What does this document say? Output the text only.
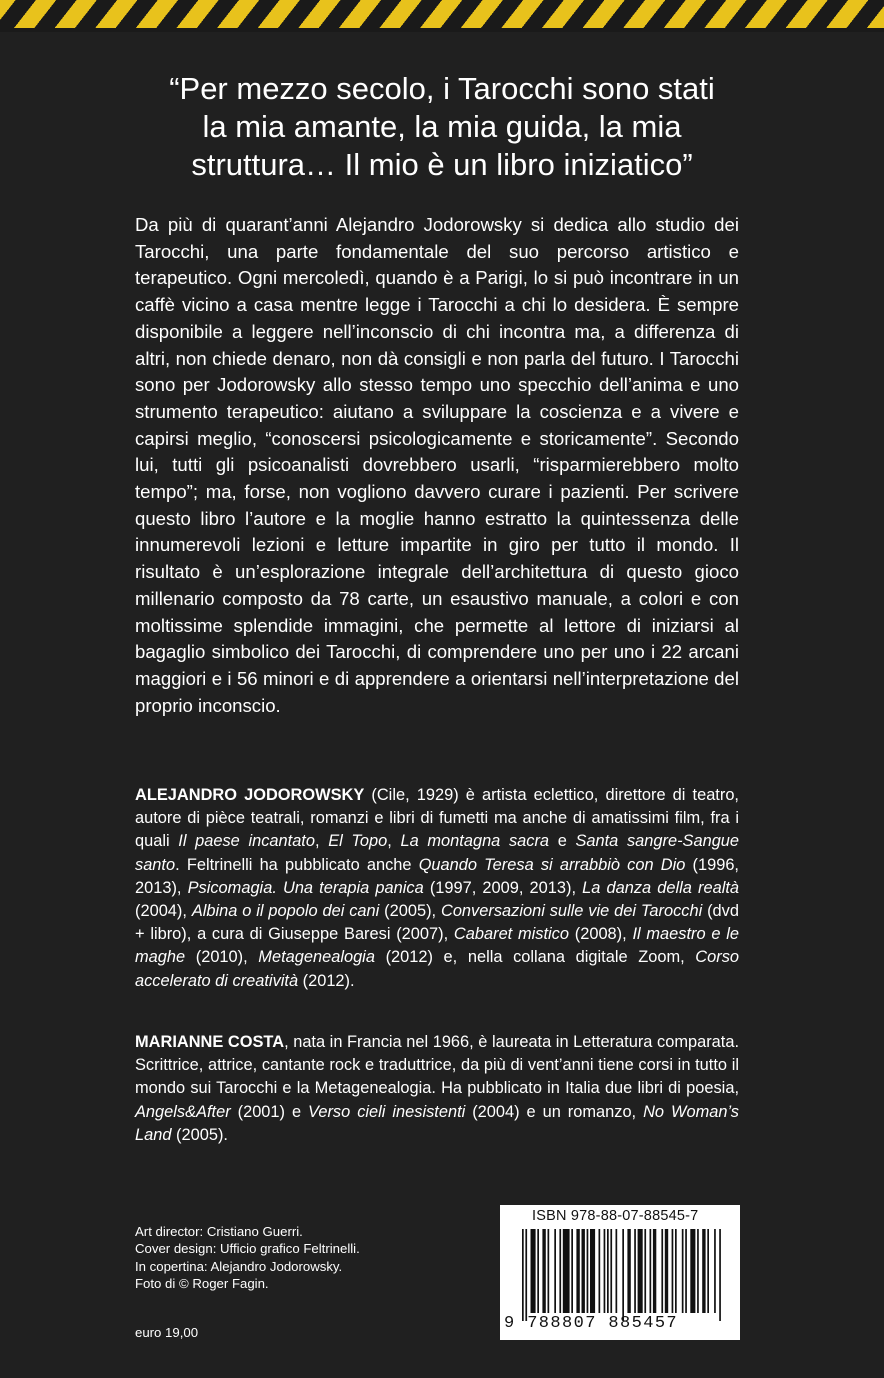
“Per mezzo secolo, i Tarocchi sono stati
la mia amante, la mia guida, la mia
struttura… Il mio è un libro iniziatico”
Da più di quarant’anni Alejandro Jodorowsky si dedica allo studio dei Tarocchi, una parte fondamentale del suo percorso artistico e terapeutico. Ogni mercoledì, quando è a Parigi, lo si può incontrare in un caffè vicino a casa mentre legge i Tarocchi a chi lo desidera. È sempre disponibile a leggere nell’inconscio di chi incontra ma, a differenza di altri, non chiede denaro, non dà consigli e non parla del futuro. I Tarocchi sono per Jodorowsky allo stesso tempo uno specchio dell’anima e uno strumento terapeutico: aiutano a sviluppare la coscienza e a vivere e capirsi meglio, “conoscersi psicologicamente e storicamente”. Secondo lui, tutti gli psicoanalisti dovrebbero usarli, “risparmierebbero molto tempo”; ma, forse, non vogliono davvero curare i pazienti. Per scrivere questo libro l’autore e la moglie hanno estratto la quintessenza delle innumerevoli lezioni e letture impartite in giro per tutto il mondo. Il risultato è un’esplorazione integrale dell’architettura di questo gioco millenario composto da 78 carte, un esaustivo manuale, a colori e con moltissime splendide immagini, che permette al lettore di iniziarsi al bagaglio simbolico dei Tarocchi, di comprendere uno per uno i 22 arcani maggiori e i 56 minori e di apprendere a orientarsi nell’interpretazione del proprio inconscio.
ALEJANDRO JODOROWSKY (Cile, 1929) è artista eclettico, direttore di teatro, autore di pièce teatrali, romanzi e libri di fumetti ma anche di amatissimi film, fra i quali Il paese incantato, El Topo, La montagna sacra e Santa sangre-Sangue santo. Feltrinelli ha pubblicato anche Quando Teresa si arrabbiò con Dio (1996, 2013), Psicomagia. Una terapia panica (1997, 2009, 2013), La danza della realtà (2004), Albina o il popolo dei cani (2005), Conversazioni sulle vie dei Tarocchi (dvd + libro), a cura di Giuseppe Baresi (2007), Cabaret mistico (2008), Il maestro e le maghe (2010), Metagenealogia (2012) e, nella collana digitale Zoom, Corso accelerato di creatività (2012).
MARIANNE COSTA, nata in Francia nel 1966, è laureata in Letteratura comparata. Scrittrice, attrice, cantante rock e traduttrice, da più di vent’anni tiene corsi in tutto il mondo sui Tarocchi e la Metagenealogia. Ha pubblicato in Italia due libri di poesia, Angels&After (2001) e Verso cieli inesistenti (2004) e un romanzo, No Woman’s Land (2005).
Art director: Cristiano Guerri.
Cover design: Ufficio grafico Feltrinelli.
In copertina: Alejandro Jodorowsky.
Foto di © Roger Fagin.
euro 19,00
ISBN 978-88-07-88545-7
9 788807 885457
